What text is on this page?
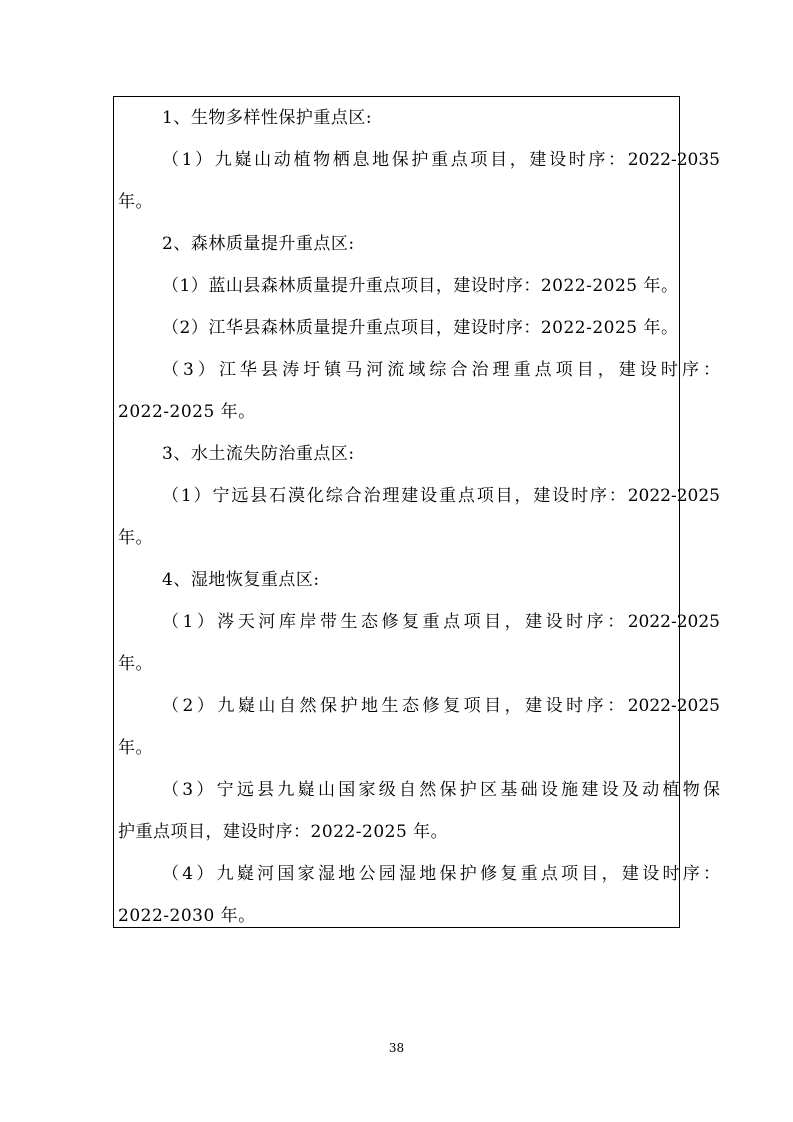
1、生物多样性保护重点区:
（1）九嶷山动植物栖息地保护重点项目，建设时序：2022-2035
年。
2、森林质量提升重点区:
（1）蓝山县森林质量提升重点项目，建设时序：2022-2025 年。
（2）江华县森林质量提升重点项目，建设时序：2022-2025 年。
（3）江华县涛圩镇马河流域综合治理重点项目，建设时序：
2022-2025 年。
3、水土流失防治重点区:
（1）宁远县石漠化综合治理建设重点项目，建设时序：2022-2025
年。
4、湿地恢复重点区:
（1）涔天河库岸带生态修复重点项目，建设时序：2022-2025
年。
（2）九嶷山自然保护地生态修复项目，建设时序：2022-2025
年。
（3）宁远县九嶷山国家级自然保护区基础设施建设及动植物保
护重点项目，建设时序：2022-2025 年。
（4）九嶷河国家湿地公园湿地保护修复重点项目，建设时序：
2022-2030 年。
38
